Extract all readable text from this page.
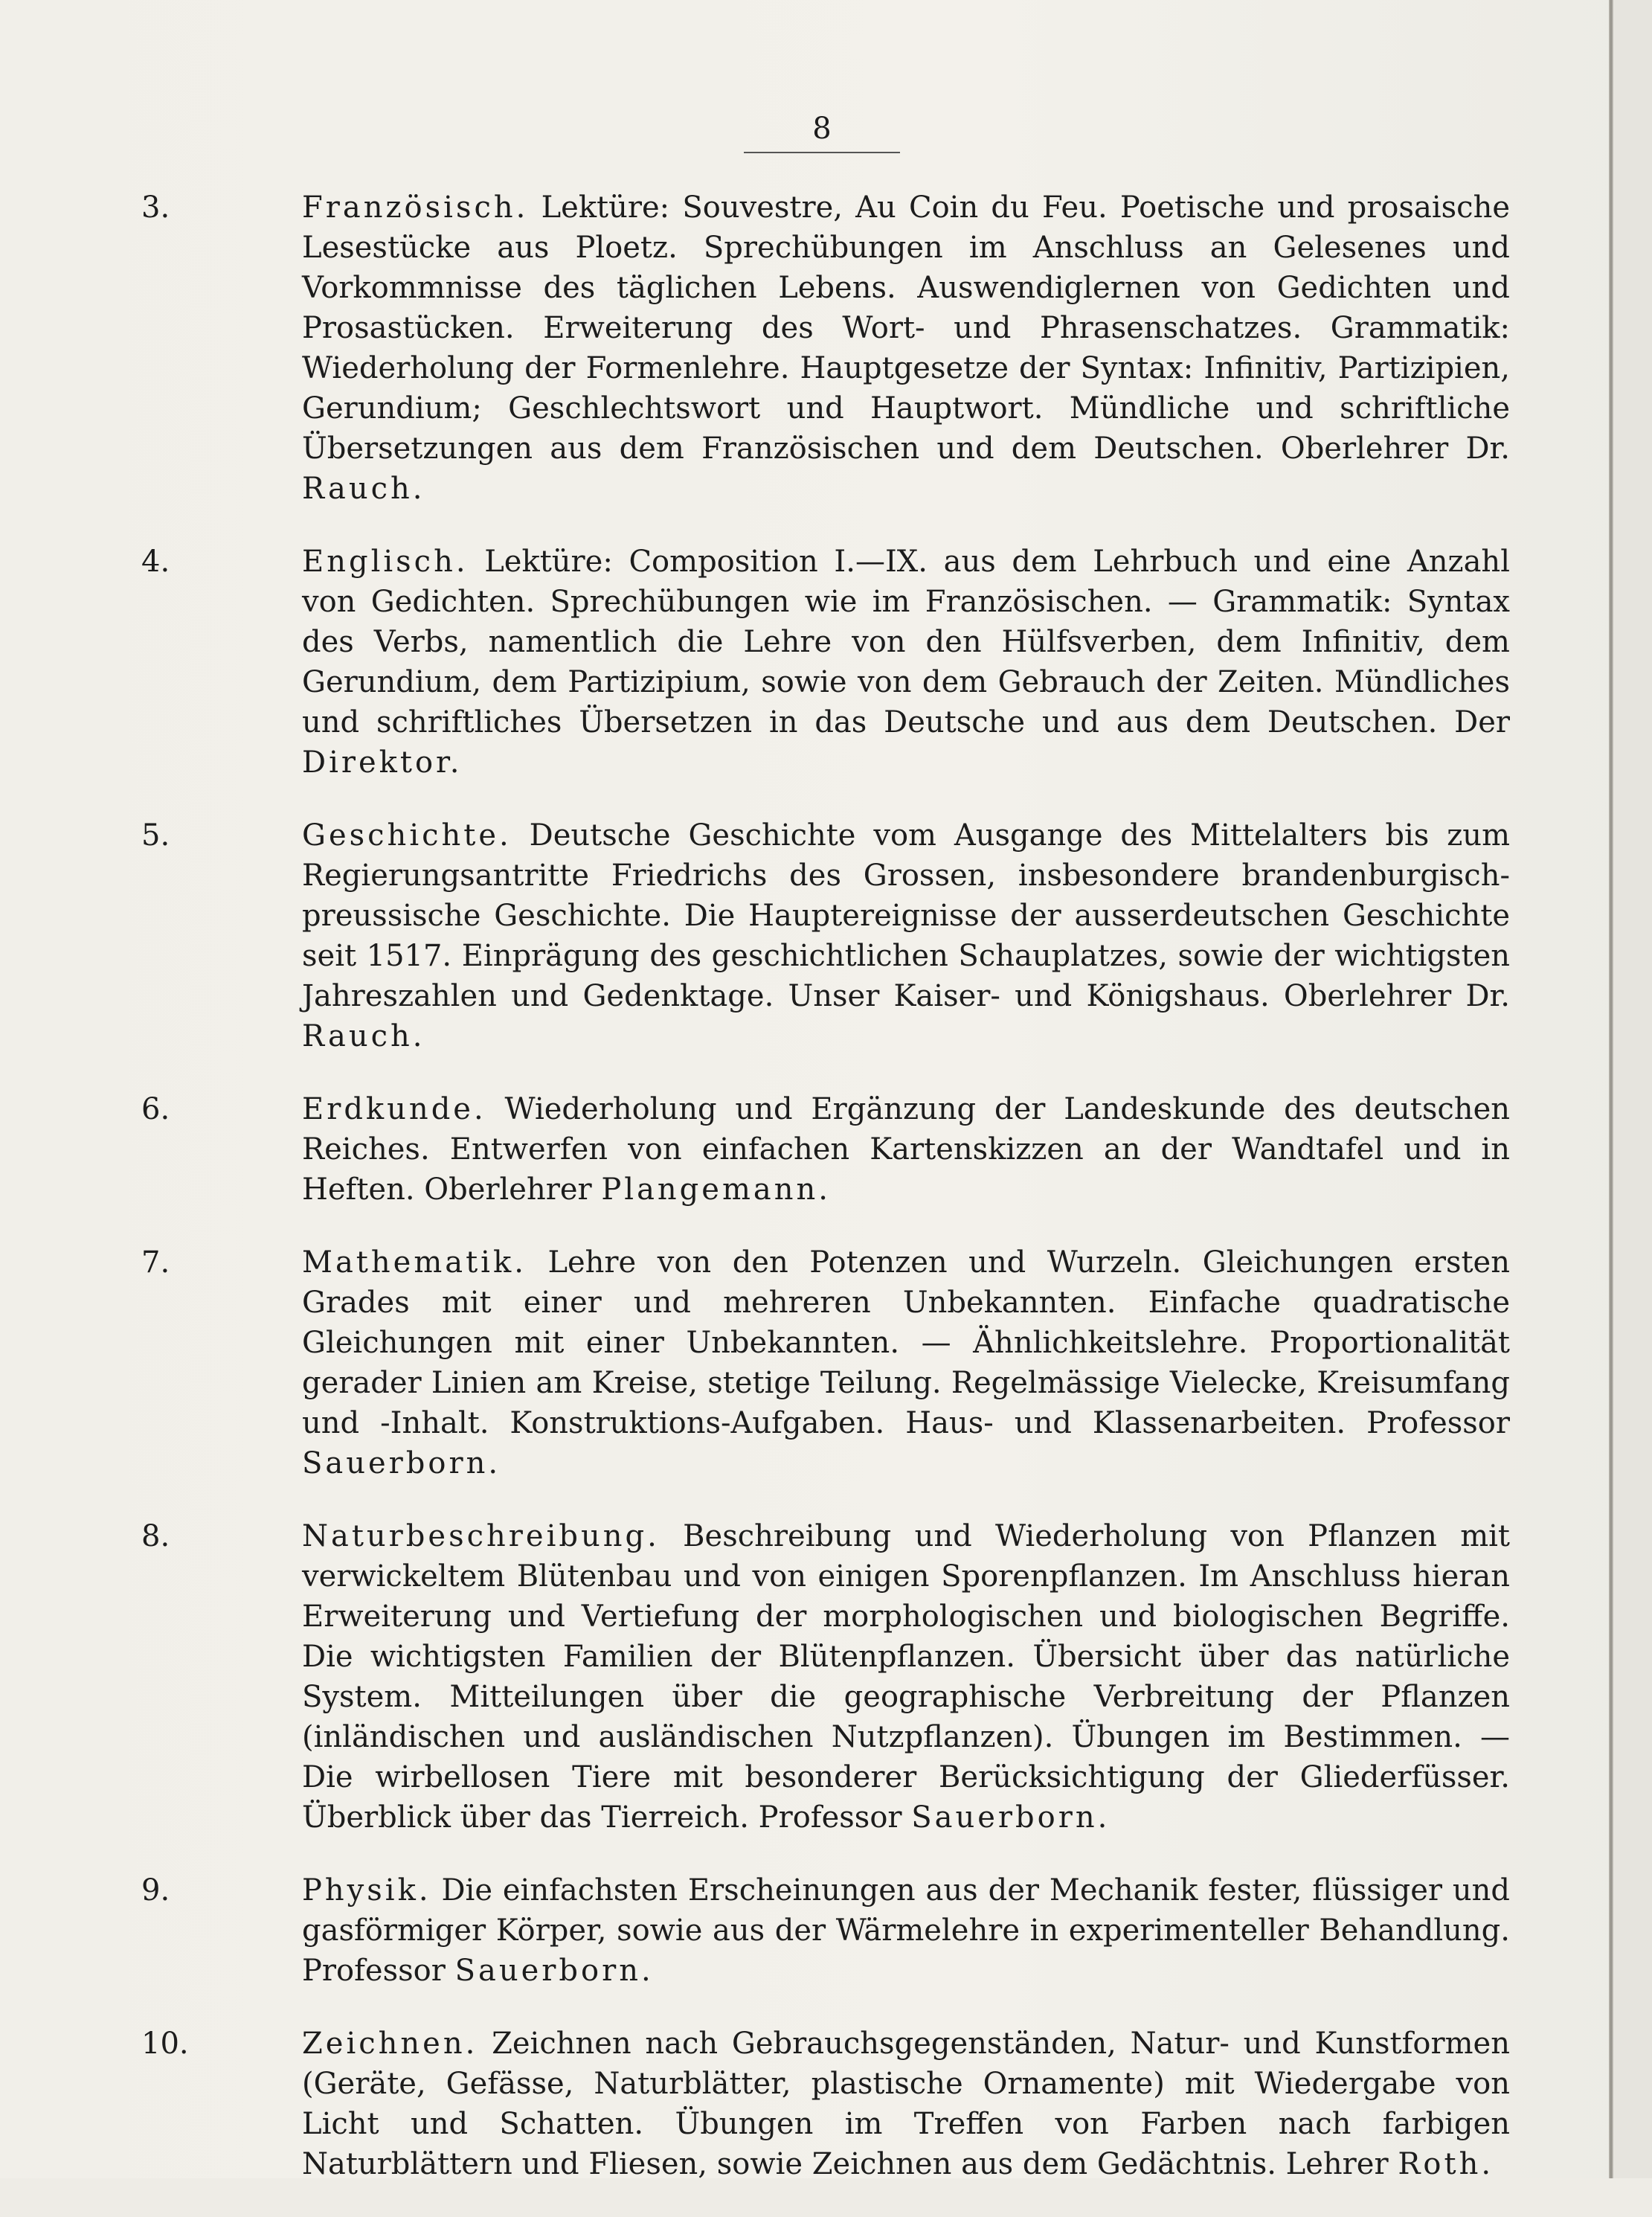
8
3.	Französisch. Lektüre: Souvestre, Au Coin du Feu. Poetische und prosaische Lesestücke aus Ploetz. Sprechübungen im Anschluss an Gelesenes und Vorkommnisse des täglichen Lebens. Auswendiglernen von Gedichten und Prosastücken. Erweiterung des Wort- und Phrasenschatzes. Grammatik: Wiederholung der Formenlehre. Hauptgesetze der Syntax: Infinitiv, Partizipien, Gerundium; Geschlechtswort und Hauptwort. Mündliche und schriftliche Übersetzungen aus dem Französischen und dem Deutschen. Oberlehrer Dr. Rauch.

4.	Englisch. Lektüre: Composition I.—IX. aus dem Lehrbuch und eine Anzahl von Gedichten. Sprechübungen wie im Französischen. — Grammatik: Syntax des Verbs, namentlich die Lehre von den Hülfsverben, dem Infinitiv, dem Gerundium, dem Partizipium, sowie von dem Gebrauch der Zeiten. Mündliches und schriftliches Übersetzen in das Deutsche und aus dem Deutschen. Der Direktor.

5.	Geschichte. Deutsche Geschichte vom Ausgange des Mittelalters bis zum Regierungsantritte Friedrichs des Grossen, insbesondere brandenburgisch-preussische Geschichte. Die Hauptereignisse der ausserdeutschen Geschichte seit 1517. Einprägung des geschichtlichen Schauplatzes, sowie der wichtigsten Jahreszahlen und Gedenktage. Unser Kaiser- und Königshaus. Oberlehrer Dr. Rauch.

6.	Erdkunde. Wiederholung und Ergänzung der Landeskunde des deutschen Reiches. Entwerfen von einfachen Kartenskizzen an der Wandtafel und in Heften. Oberlehrer Plangemann.

7.	Mathematik. Lehre von den Potenzen und Wurzeln. Gleichungen ersten Grades mit einer und mehreren Unbekannten. Einfache quadratische Gleichungen mit einer Unbekannten. — Ähnlichkeitslehre. Proportionalität gerader Linien am Kreise, stetige Teilung. Regelmässige Vielecke, Kreisumfang und -Inhalt. Konstruktions-Aufgaben. Haus- und Klassenarbeiten. Professor Sauerborn.

8.	Naturbeschreibung. Beschreibung und Wiederholung von Pflanzen mit verwickeltem Blütenbau und von einigen Sporenpflanzen. Im Anschluss hieran Erweiterung und Vertiefung der morphologischen und biologischen Begriffe. Die wichtigsten Familien der Blütenpflanzen. Übersicht über das natürliche System. Mitteilungen über die geographische Verbreitung der Pflanzen (inländischen und ausländischen Nutzpflanzen). Übungen im Bestimmen. — Die wirbellosen Tiere mit besonderer Berücksichtigung der Gliederfüsser. Überblick über das Tierreich. Professor Sauerborn.

9.	Physik. Die einfachsten Erscheinungen aus der Mechanik fester, flüssiger und gasförmiger Körper, sowie aus der Wärmelehre in experimenteller Behandlung. Professor Sauerborn.

10.	Zeichnen. Zeichnen nach Gebrauchsgegenständen, Natur- und Kunstformen (Geräte, Gefässe, Naturblätter, plastische Ornamente) mit Wiedergabe von Licht und Schatten. Übungen im Treffen von Farben nach farbigen Naturblättern und Fliesen, sowie Zeichnen aus dem Gedächtnis. Lehrer Roth.
